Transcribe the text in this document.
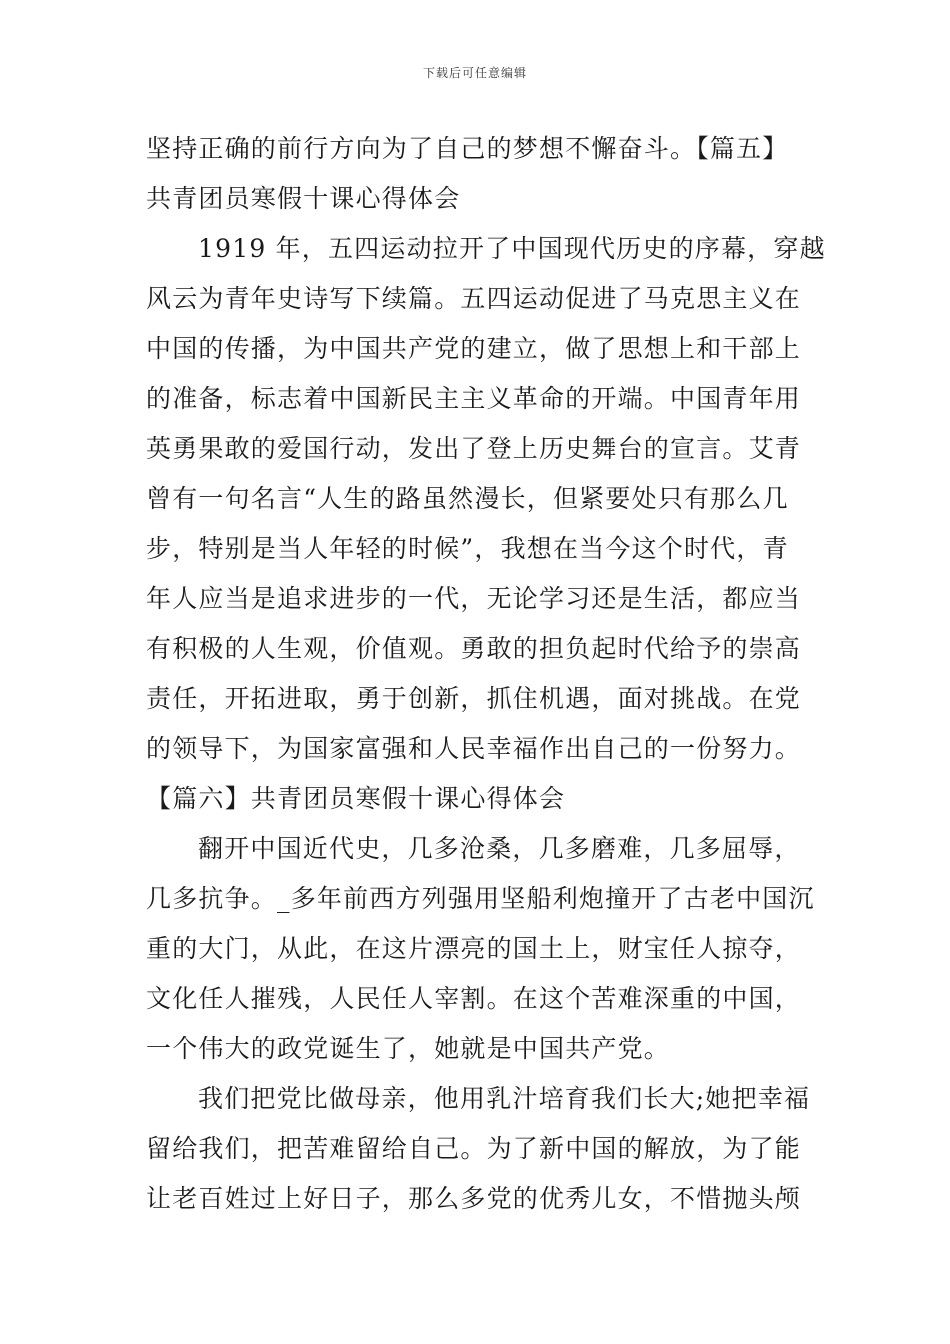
下载后可任意编辑
坚持正确的前行方向为了自己的梦想不懈奋斗。【篇五】
共青团员寒假十课心得体会
1919 年，五四运动拉开了中国现代历史的序幕，穿越
风云为青年史诗写下续篇。五四运动促进了马克思主义在
中国的传播，为中国共产党的建立，做了思想上和干部上
的准备，标志着中国新民主主义革命的开端。中国青年用
英勇果敢的爱国行动，发出了登上历史舞台的宣言。艾青
曾有一句名言“人生的路虽然漫长，但紧要处只有那么几
步，特别是当人年轻的时候”，我想在当今这个时代，青
年人应当是追求进步的一代，无论学习还是生活，都应当
有积极的人生观，价值观。勇敢的担负起时代给予的崇高
责任，开拓进取，勇于创新，抓住机遇，面对挑战。在党
的领导下，为国家富强和人民幸福作出自己的一份努力。
【篇六】共青团员寒假十课心得体会
翻开中国近代史，几多沧桑，几多磨难，几多屈辱，
几多抗争。_多年前西方列强用坚船利炮撞开了古老中国沉
重的大门，从此，在这片漂亮的国土上，财宝任人掠夺，
文化任人摧残，人民任人宰割。在这个苦难深重的中国，
一个伟大的政党诞生了，她就是中国共产党。
我们把党比做母亲，他用乳汁培育我们长大;她把幸福
留给我们，把苦难留给自己。为了新中国的解放，为了能
让老百姓过上好日子，那么多党的优秀儿女，不惜抛头颅
